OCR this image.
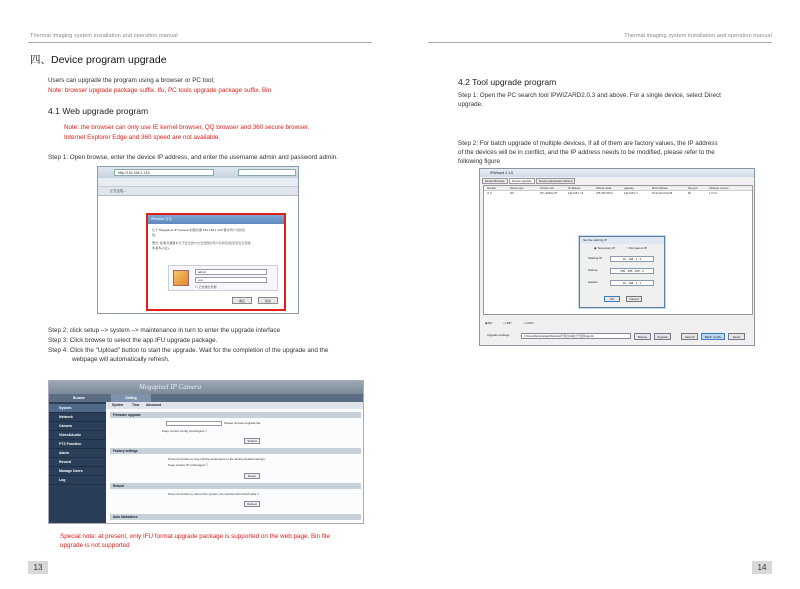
Thermal imaging system installation and operation manual
四、Device program upgrade
Users can upgrade the program using a browser or PC tool;
Note: browser upgrade package suffix. Ifu, PC tools upgrade package suffix. Bin
4.1 Web upgrade program
Note: the browser can only use IE kernel browser, QQ browser and 360 secure browser.
Internet Explorer Edge and 360 speed are not available.
Step 1: Open browse, enter the device IP address, and enter the username admin and password admin.
http://192.168.1.132/
正在连接...
Windows 安全
位于 Megapixel IP Camera 的服务器 192.168.1.132 要求用户名和密
码。
警告: 此服务器要求以不安全的方式发送您的用户名和密码(没有安全连接
的基本认证)。
admin
•••••
☐ 记住我的凭据
确定	取消
Step 2: click setup –> system –> maintenance in turn to enter the upgrade interface
Step 3: Click browse to select the app.IFU upgrade package.
Step 4: Click the "Upload" button to start the upgrade. Wait for the completion of the upgrade and the
webpage will automatically refresh.
Megapixel IP Camera
Browse	Setting
System
Network
Camera
Video&Audio
PTZ Function
Alarm
Record
Manage Users
Log
System	Time Advanced
Firmware upgrade
Please choose upgrade file.
Keep current config unchanged ☐
Submit
Factory settings
Press the button to reset all the parameters to the factory default settings.
Keep current IP unchanged ☐
Reset
Reboot
Press the button to reboot the system, the window will refresh after it.
Reboot
Auto Maintaince
Special note: at present, only IFU format upgrade package is supported on the web page. Bin file
upgrade is not supported
13
Thermal imaging system installation and operation manual
4.2 Tool upgrade program
Step 1: Open the PC search tool IPWIZARD2.0.3 and above. For a single device, select Direct
upgrade.
Step 2: For batch upgrade of multiple devices, if all of them are factory values, the IP address
of the devices will be in conflict, and the IP address needs to be modified, please refer to the
following figure
14
IPWizard 2.1.5
Device Browser	Device upgrade	Device parameters derived
Number	Device type	Product info	IP address	Subnet mask	gateway	MAC Address	http port	Software version
☑ 0	IPC	IPC-400M-HTT	192.168.1.16	255.255.255.0	192.168.1.1	00-0a-5b-ff-00-b8	80	1.0.0.0
Set the starting IP
◉ Temporary IP	○ Permanent IP
Starting IP	10 . 168 . 1 . 2
Subnet	255 . 255 . 255 . 0
Gatewt	10 . 168 . 1 . 1
OK	Cancel
◉ Bin	○ UDP	○ LOGO
Upgrade package:	C:\Users\Administrator\Desktop\升级包\ifu格式升级包\app.ifu	Browse	Upgrade	clear all	Batch modify	Reset
